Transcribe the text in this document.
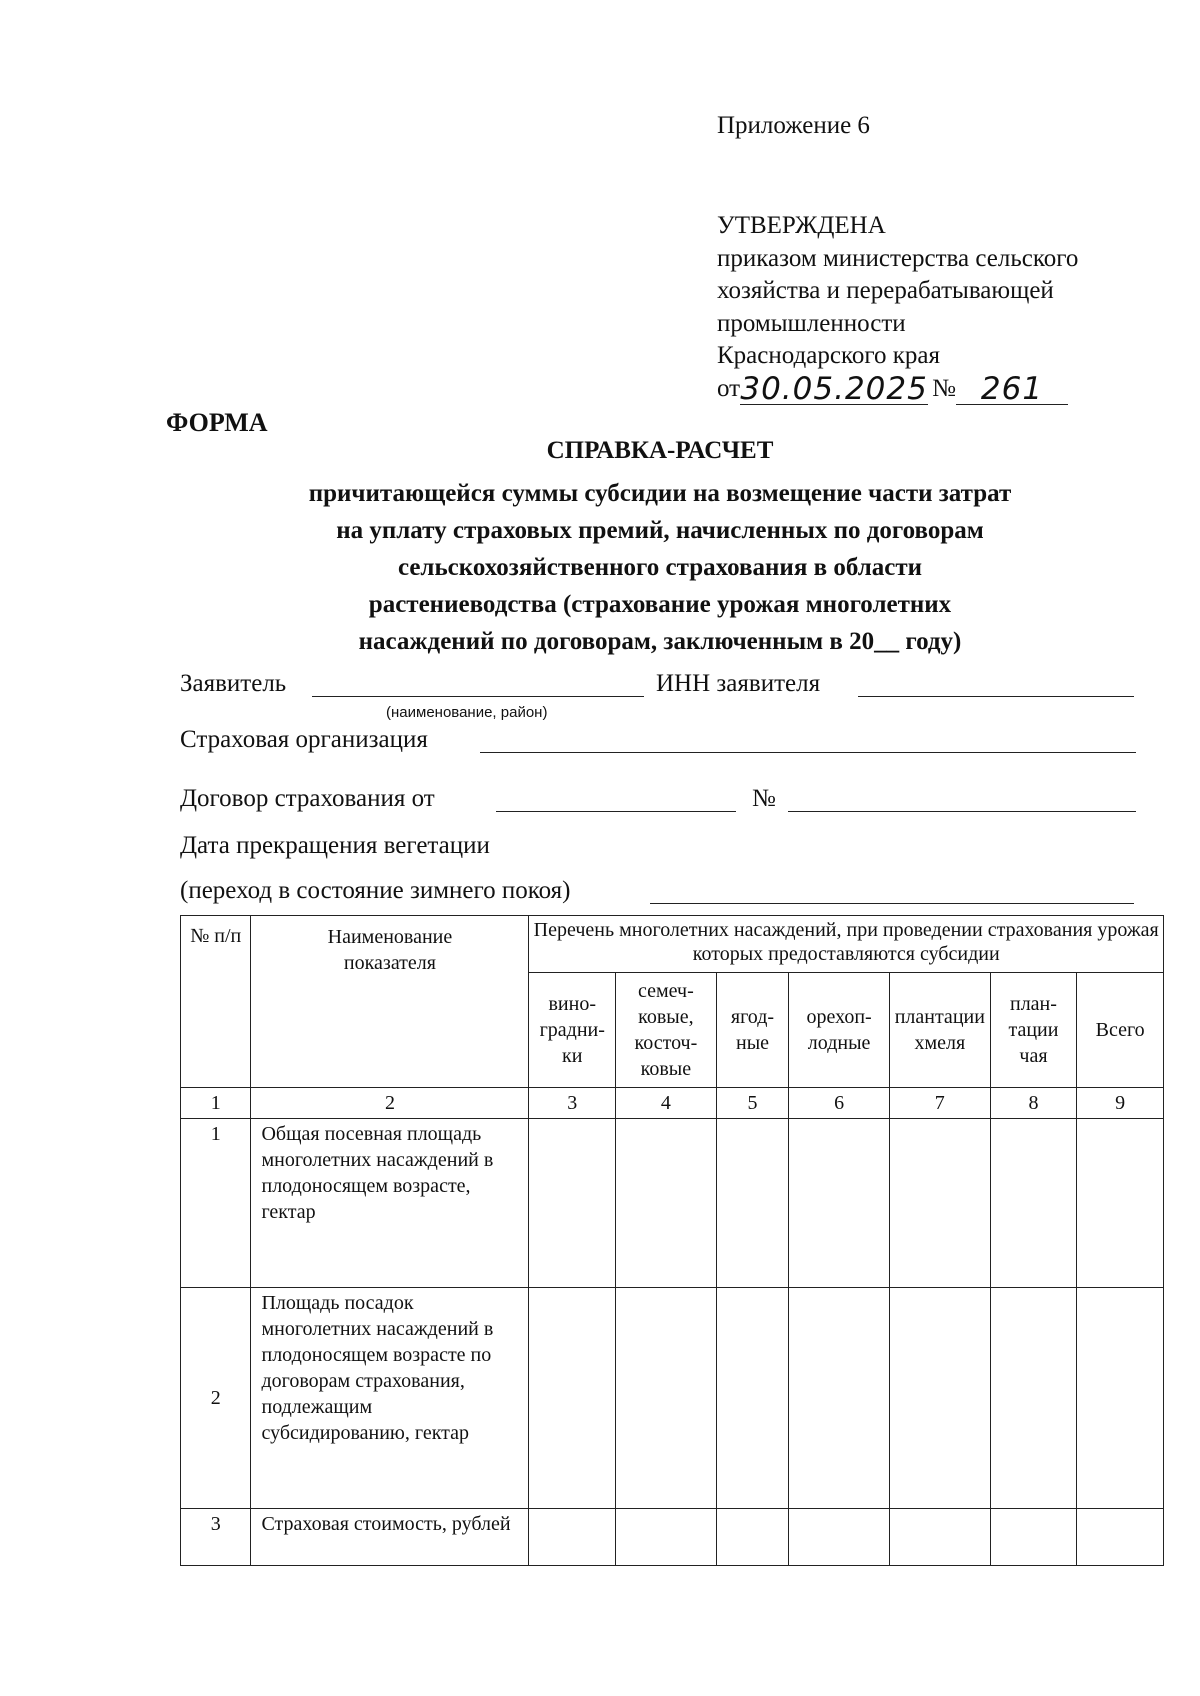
Приложение 6
УТВЕРЖДЕНА
приказом министерства сельского
хозяйства и перерабатывающей
промышленности
Краснодарского края
от 30.05.2025 № 261
ФОРМА
СПРАВКА-РАСЧЕТ
причитающейся суммы субсидии на возмещение части затрат
на уплату страховых премий, начисленных по договорам
сельскохозяйственного страхования в области
растениеводства (страхование урожая многолетних
насаждений по договорам, заключенным в 20__ году)
Заявитель
(наименование, район)
ИНН заявителя
Страховая организация
Договор страхования от	№
Дата прекращения вегетации
(переход в состояние зимнего покоя)
№ п/п	Наименование показателя	Перечень многолетних насаждений, при проведении страхования урожая которых предоставляются субсидии						
		виноградники	семечковые, косточковые	ягодные	орехоплодные	плантации хмеля	плантации чая	Всего
1	2	3	4	5	6	7	8	9
1	Общая посевная площадь многолетних насаждений в плодоносящем возрасте, гектар							
2	Площадь посадок многолетних насаждений в плодоносящем возрасте по договорам страхования, подлежащим субсидированию, гектар							
3	Страховая стоимость, рублей							
